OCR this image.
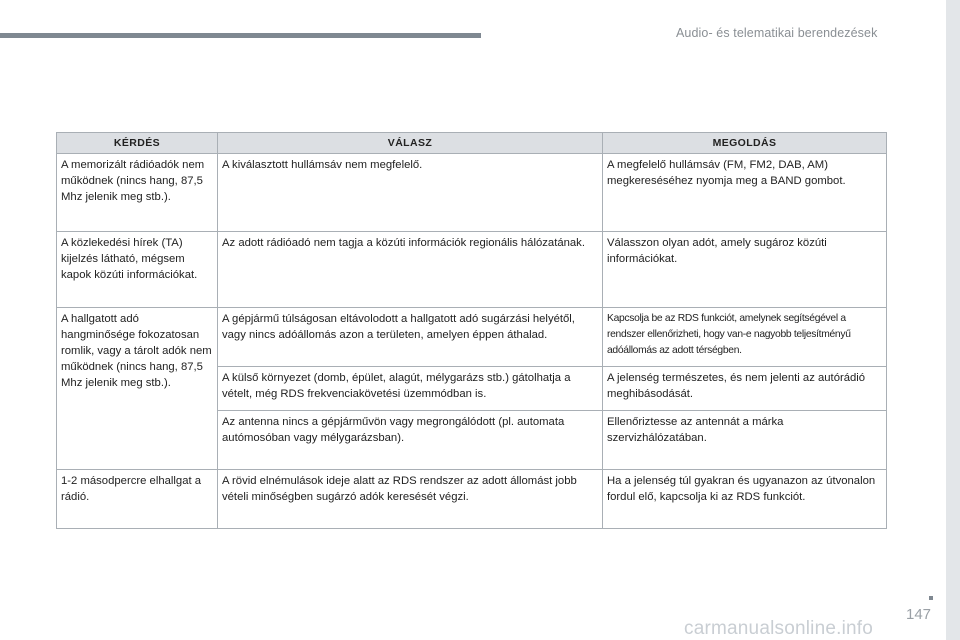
Audio- és telematikai berendezések
KÉRDÉS	VÁLASZ	MEGOLDÁS
A memorizált rádióadók nem működnek (nincs hang, 87,5 Mhz jelenik meg stb.).	A kiválasztott hullámsáv nem megfelelő.	A megfelelő hullámsáv (FM, FM2, DAB, AM) megkereséséhez nyomja meg a BAND gombot.
A közlekedési hírek (TA) kijelzés látható, mégsem kapok közúti információkat.	Az adott rádióadó nem tagja a közúti információk regionális hálózatának.	Válasszon olyan adót, amely sugároz közúti információkat.
A hallgatott adó hangminősége fokozatosan romlik, vagy a tárolt adók nem működnek (nincs hang, 87,5 Mhz jelenik meg stb.).	A gépjármű túlságosan eltávolodott a hallgatott adó sugárzási helyétől, vagy nincs adóállomás azon a területen, amelyen éppen áthalad.	Kapcsolja be az RDS funkciót, amelynek segítségével a rendszer ellenőrizheti, hogy van-e nagyobb teljesítményű adóállomás az adott térségben.
	A külső környezet (domb, épület, alagút, mélygarázs stb.) gátolhatja a vételt, még RDS frekvenciakövetési üzemmódban is.	A jelenség természetes, és nem jelenti az autórádió meghibásodását.
	Az antenna nincs a gépjárművön vagy megrongálódott (pl. automata autómosóban vagy mélygarázsban).	Ellenőriztesse az antennát a márka szervizhálózatában.
1-2 másodpercre elhallgat a rádió.	A rövid elnémulások ideje alatt az RDS rendszer az adott állomást jobb vételi minőségben sugárzó adók keresését végzi.	Ha a jelenség túl gyakran és ugyanazon az útvonalon fordul elő, kapcsolja ki az RDS funkciót.
147
carmanualsonline.info
